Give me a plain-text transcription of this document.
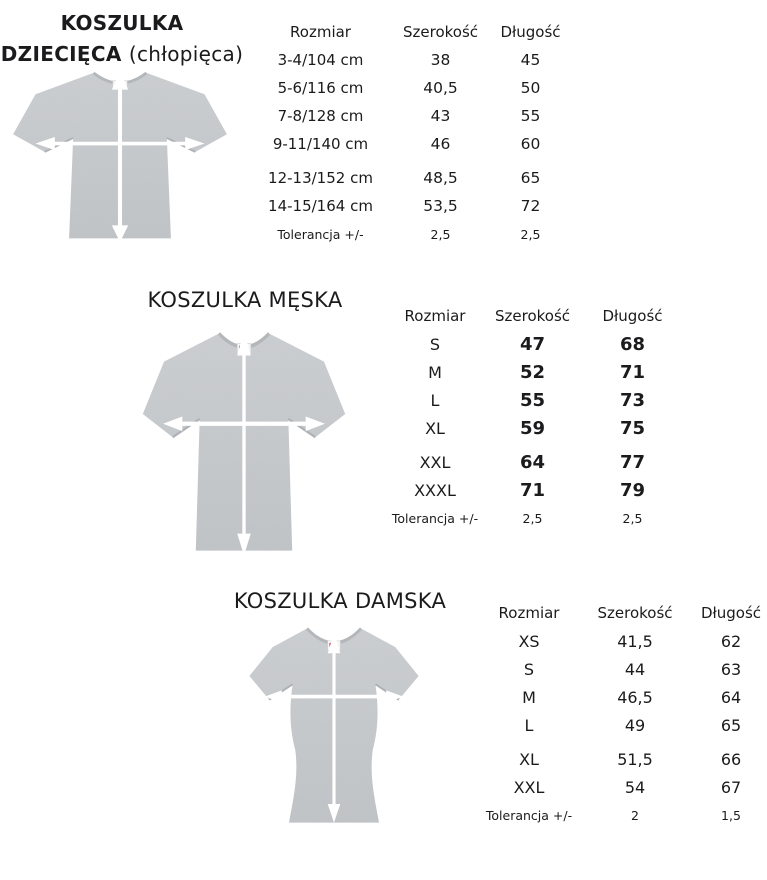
KOSZULKA
DZIECIĘCA (chłopięca)
Rozmiar	Szerokość	Długość
3-4/104 cm	38	45
5-6/116 cm	40,5	50
7-8/128 cm	43	55
9-11/140 cm	46	60
12-13/152 cm	48,5	65
14-15/164 cm	53,5	72
Tolerancja +/-	2,5	2,5
KOSZULKA MĘSKA
Rozmiar	Szerokość	Długość
S	47	68
M	52	71
L	55	73
XL	59	75
XXL	64	77
XXXL	71	79
Tolerancja +/-	2,5	2,5
KOSZULKA DAMSKA	Rozmiar	Szerokość	Długość
XS	41,5	62
S	44	63
M	46,5	64
L	49	65
XL	51,5	66
XXL	54	67
Tolerancja +/-	2	1,5
